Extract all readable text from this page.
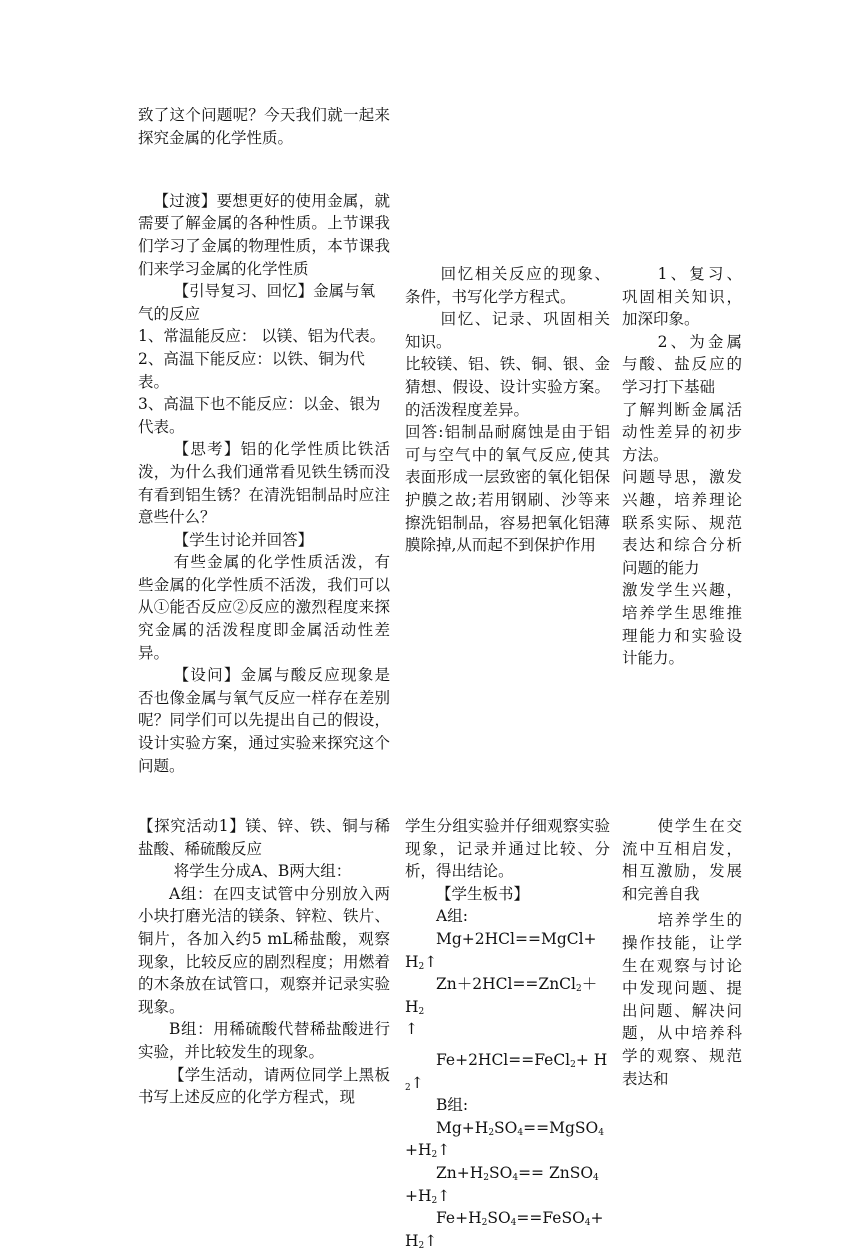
致了这个问题呢？今天我们就一起来探究金属的化学性质。

【过渡】要想更好的使用金属，就需要了解金属的各种性质。上节课我们学习了金属的物理性质，本节课我们来学习金属的化学性质

【引导复习、回忆】金属与氧气的反应

1、常温能反应： 以镁、铝为代表。

2、高温下能反应：以铁、铜为代表。

3、高温下也不能反应：以金、银为代表。

【思考】铝的化学性质比铁活泼，为什么我们通常看见铁生锈而没有看到铝生锈？在清洗铝制品时应注意些什么？

【学生讨论并回答】

有些金属的化学性质活泼，有些金属的化学性质不活泼，我们可以从①能否反应②反应的激烈程度来探究金属的活泼程度即金属活动性差异。

【设问】金属与酸反应现象是否也像金属与氧气反应一样存在差别呢？同学们可以先提出自己的假设，设计实验方案，通过实验来探究这个问题。

回忆相关反应的现象、条件，书写化学方程式。

回忆、记录、巩固相关知识。

比较镁、铝、铁、铜、银、金猜想、假设、设计实验方案。的活泼程度差异。

回答:铝制品耐腐蚀是由于铝可与空气中的氧气反应,使其表面形成一层致密的氧化铝保护膜之故;若用钢刷、沙等来擦洗铝制品，容易把氧化铝薄膜除掉,从而起不到保护作用

1、复习、巩固相关知识，加深印象。

2、为金属与酸、盐反应的学习打下基础

了解判断金属活动性差异的初步方法。

问题导思，激发兴趣，培养理论联系实际、规范表达和综合分析问题的能力

激发学生兴趣，培养学生思维推理能力和实验设计能力。

【探究活动1】镁、锌、铁、铜与稀盐酸、稀硫酸反应

将学生分成A、B两大组：

A组：在四支试管中分别放入两小块打磨光洁的镁条、锌粒、铁片、铜片，各加入约5 mL稀盐酸，观察现象，比较反应的剧烈程度；用燃着的木条放在试管口，观察并记录实验现象。

B组：用稀硫酸代替稀盐酸进行实验，并比较发生的现象。

【学生活动，请两位同学上黑板书写上述反应的化学方程式，现

学生分组实验并仔细观察实验现象，记录并通过比较、分析，得出结论。

【学生板书】

A组:

$Mg+2HCl==MgCl+H_2↑$

$Zn+2HCl==ZnCl_2+H_2$
↑

Fe+2HCl==FeCl$_2$+ $H_2↑$

B组:

$Mg+H_2SO_4==MgSO_4+H_2↑$

$Zn+H_2SO_4==$ $ZnSO_4+H_2↑$

$Fe+H_2SO_4==FeSO_4+$ $H_2↑$

使学生在交流中互相启发，相互激励，发展和完善自我

培养学生的操作技能，让学生在观察与讨论中发现问题、提出问题、解决问题，从中培养科学的观察、规范表达和
